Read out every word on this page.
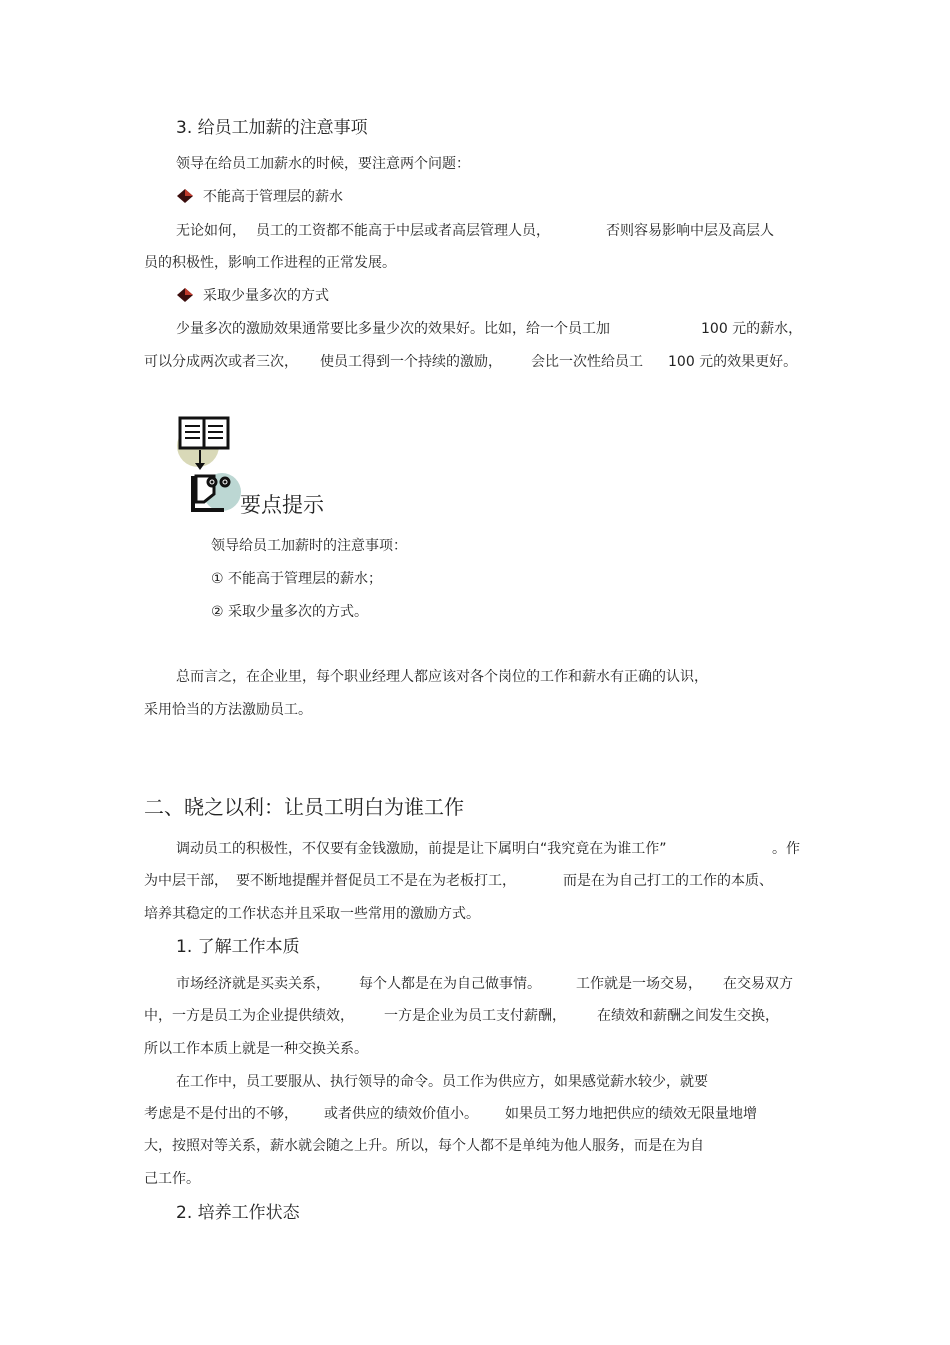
3. 给员工加薪的注意事项
领导在给员工加薪水的时候，要注意两个问题：
不能高于管理层的薪水
无论如何， 员工的工资都不能高于中层或者高层管理人员，	否则容易影响中层及高层人
员的积极性，影响工作进程的正常发展。
采取少量多次的方式
少量多次的激励效果通常要比多量少次的效果好。比如，给一个员工加	100 元的薪水，
可以分成两次或者三次， 使员工得到一个持续的激励， 会比一次性给员工 100 元的效果更好。
要点提示
领导给员工加薪时的注意事项：
① 不能高于管理层的薪水；
② 采取少量多次的方式。
总而言之，在企业里，每个职业经理人都应该对各个岗位的工作和薪水有正确的认识，
采用恰当的方法激励员工。
二、晓之以利：让员工明白为谁工作
调动员工的积极性，不仅要有金钱激励，前提是让下属明白“我究竟在为谁工作”	。作
为中层干部， 要不断地提醒并督促员工不是在为老板打工，	而是在为自己打工的工作的本质、
培养其稳定的工作状态并且采取一些常用的激励方式。
1. 了解工作本质
市场经济就是买卖关系， 每个人都是在为自己做事情。	工作就是一场交易， 在交易双方
中，一方是员工为企业提供绩效， 一方是企业为员工支付薪酬， 在绩效和薪酬之间发生交换，
所以工作本质上就是一种交换关系。
在工作中，员工要服从、执行领导的命令。员工作为供应方，如果感觉薪水较少，就要
考虑是不是付出的不够， 或者供应的绩效价值小。 如果员工努力地把供应的绩效无限量地增
大，按照对等关系，薪水就会随之上升。所以，每个人都不是单纯为他人服务，而是在为自
己工作。
2. 培养工作状态
